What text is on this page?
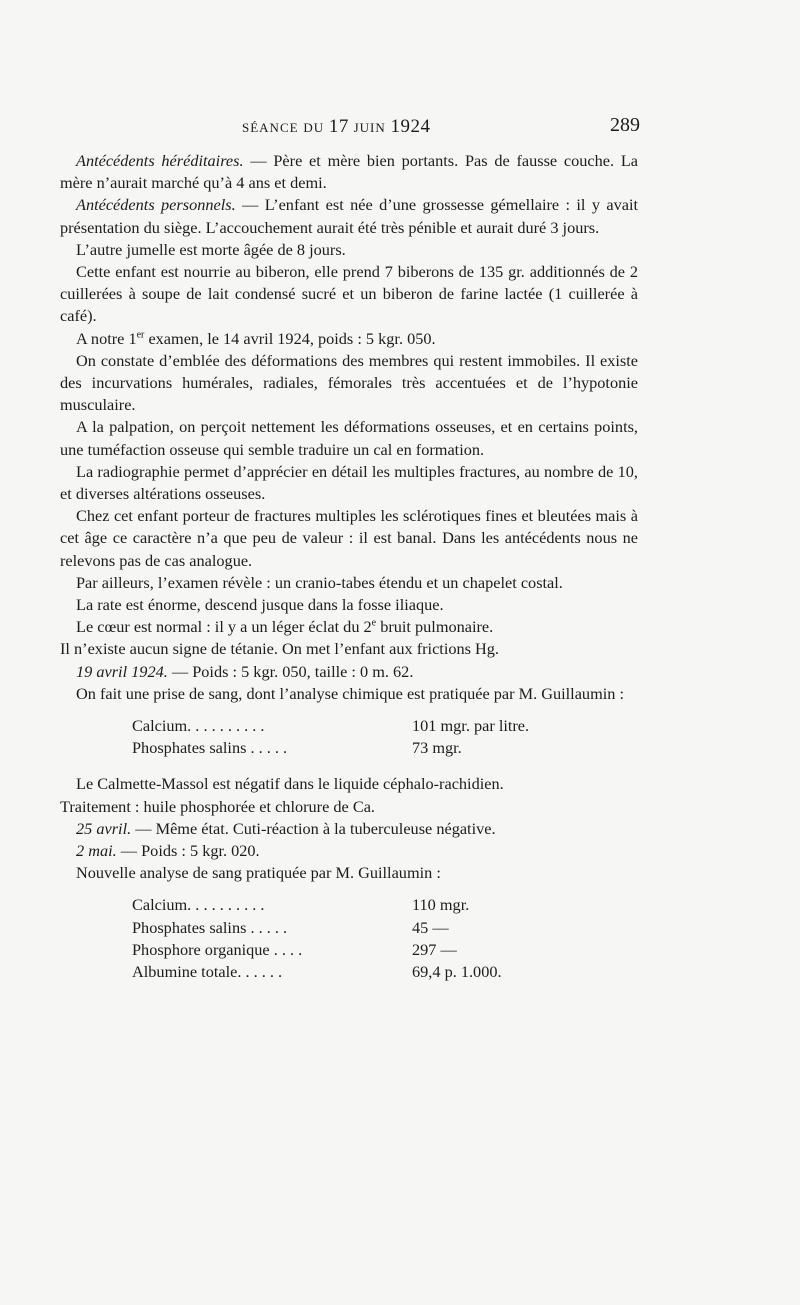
SÉANCE DU 17 JUIN 1924	289

Antécédents héréditaires. — Père et mère bien portants. Pas de fausse couche. La mère n’aurait marché qu’à 4 ans et demi.

Antécédents personnels. — L’enfant est née d’une grossesse gémellaire : il y avait présentation du siège. L’accouchement aurait été très pénible et aurait duré 3 jours.

L’autre jumelle est morte âgée de 8 jours.

Cette enfant est nourrie au biberon, elle prend 7 biberons de 135 gr. additionnés de 2 cuillerées à soupe de lait condensé sucré et un biberon de farine lactée (1 cuillerée à café).

A notre 1er examen, le 14 avril 1924, poids : 5 kgr. 050.

On constate d’emblée des déformations des membres qui restent immobiles. Il existe des incurvations humérales, radiales, fémorales très accentuées et de l’hypotonie musculaire.

A la palpation, on perçoit nettement les déformations osseuses, et en certains points, une tuméfaction osseuse qui semble traduire un cal en formation.

La radiographie permet d’apprécier en détail les multiples fractures, au nombre de 10, et diverses altérations osseuses.

Chez cet enfant porteur de fractures multiples les sclérotiques fines et bleutées mais à cet âge ce caractère n’a que peu de valeur : il est banal. Dans les antécédents nous ne relevons pas de cas analogue.

Par ailleurs, l’examen révèle : un cranio-tabes étendu et un chapelet costal.

La rate est énorme, descend jusque dans la fosse iliaque.

Le cœur est normal : il y a un léger éclat du 2e bruit pulmonaire.

Il n’existe aucun signe de tétanie. On met l’enfant aux frictions Hg.

19 avril 1924. — Poids : 5 kgr. 050, taille : 0 m. 62.

On fait une prise de sang, dont l’analyse chimique est pratiquée par M. Guillaumin :

Calcium. . . . . . . . . .	101 mgr. par litre.
Phosphates salins . . . . .	73 mgr.

Le Calmette-Massol est négatif dans le liquide céphalo-rachidien.

Traitement : huile phosphorée et chlorure de Ca.

25 avril. — Même état. Cuti-réaction à la tuberculeuse négative.

2 mai. — Poids : 5 kgr. 020.

Nouvelle analyse de sang pratiquée par M. Guillaumin :

Calcium. . . . . . . . . .	110 mgr.
Phosphates salins . . . . .	45 —
Phosphore organique . . . .	297 —
Albumine totale. . . . . .	69,4 p. 1.000.
